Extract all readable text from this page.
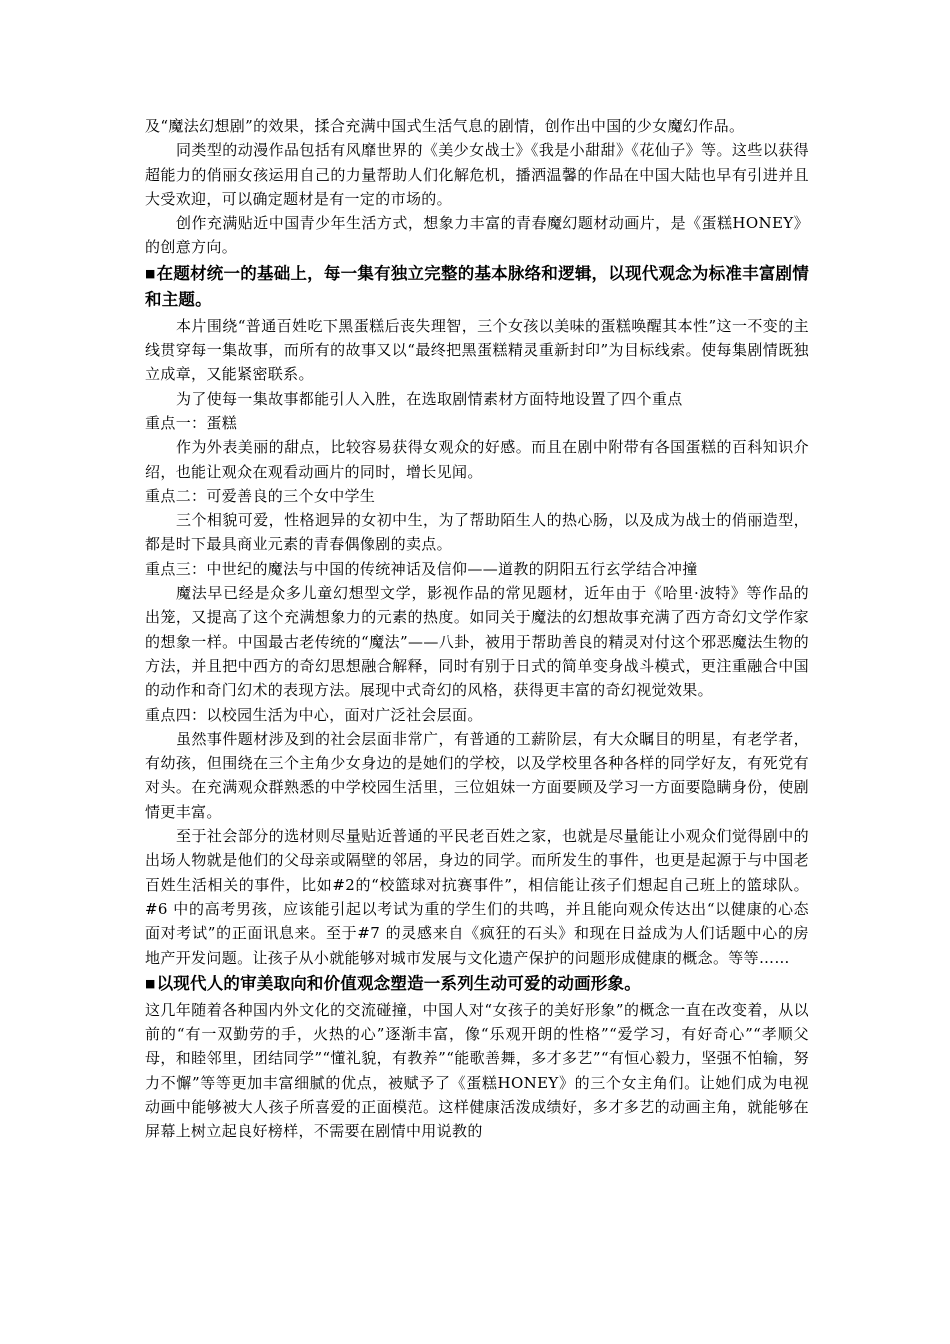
及“魔法幻想剧”的效果，揉合充满中国式生活气息的剧情，创作出中国的少女魔幻作品。

同类型的动漫作品包括有风靡世界的《美少女战士》《我是小甜甜》《花仙子》等。这些以获得超能力的俏丽女孩运用自己的力量帮助人们化解危机，播洒温馨的作品在中国大陆也早有引进并且大受欢迎，可以确定题材是有一定的市场的。

创作充满贴近中国青少年生活方式，想象力丰富的青春魔幻题材动画片，是《蛋糕HONEY》的创意方向。

■在题材统一的基础上，每一集有独立完整的基本脉络和逻辑，以现代观念为标准丰富剧情和主题。

本片围绕“普通百姓吃下黑蛋糕后丧失理智，三个女孩以美味的蛋糕唤醒其本性”这一不变的主线贯穿每一集故事，而所有的故事又以“最终把黑蛋糕精灵重新封印”为目标线索。使每集剧情既独立成章，又能紧密联系。

为了使每一集故事都能引人入胜，在选取剧情素材方面特地设置了四个重点

重点一：蛋糕

作为外表美丽的甜点，比较容易获得女观众的好感。而且在剧中附带有各国蛋糕的百科知识介绍，也能让观众在观看动画片的同时，增长见闻。

重点二：可爱善良的三个女中学生

三个相貌可爱，性格迥异的女初中生，为了帮助陌生人的热心肠，以及成为战士的俏丽造型，都是时下最具商业元素的青春偶像剧的卖点。

重点三：中世纪的魔法与中国的传统神话及信仰——道教的阴阳五行玄学结合冲撞

魔法早已经是众多儿童幻想型文学，影视作品的常见题材，近年由于《哈里·波特》等作品的出笼，又提高了这个充满想象力的元素的热度。如同关于魔法的幻想故事充满了西方奇幻文学作家的想象一样。中国最古老传统的“魔法”——八卦，被用于帮助善良的精灵对付这个邪恶魔法生物的方法，并且把中西方的奇幻思想融合解释，同时有别于日式的简单变身战斗模式，更注重融合中国的动作和奇门幻术的表现方法。展现中式奇幻的风格，获得更丰富的奇幻视觉效果。

重点四：以校园生活为中心，面对广泛社会层面。

虽然事件题材涉及到的社会层面非常广，有普通的工薪阶层，有大众瞩目的明星，有老学者，有幼孩，但围绕在三个主角少女身边的是她们的学校，以及学校里各种各样的同学好友，有死党有对头。在充满观众群熟悉的中学校园生活里，三位姐妹一方面要顾及学习一方面要隐瞒身份，使剧情更丰富。

至于社会部分的选材则尽量贴近普通的平民老百姓之家，也就是尽量能让小观众们觉得剧中的出场人物就是他们的父母亲或隔壁的邻居，身边的同学。而所发生的事件，也更是起源于与中国老百姓生活相关的事件，比如#2的“校篮球对抗赛事件”，相信能让孩子们想起自己班上的篮球队。#6 中的高考男孩，应该能引起以考试为重的学生们的共鸣，并且能向观众传达出“以健康的心态面对考试”的正面讯息来。至于#7 的灵感来自《疯狂的石头》和现在日益成为人们话题中心的房地产开发问题。让孩子从小就能够对城市发展与文化遗产保护的问题形成健康的概念。等等……

■以现代人的审美取向和价值观念塑造一系列生动可爱的动画形象。

这几年随着各种国内外文化的交流碰撞，中国人对“女孩子的美好形象”的概念一直在改变着，从以前的“有一双勤劳的手，火热的心”逐渐丰富，像“乐观开朗的性格”“爱学习，有好奇心”“孝顺父母，和睦邻里，团结同学”“懂礼貌，有教养”“能歌善舞，多才多艺”“有恒心毅力，坚强不怕输，努力不懈”等等更加丰富细腻的优点，被赋予了《蛋糕HONEY》的三个女主角们。让她们成为电视动画中能够被大人孩子所喜爱的正面模范。这样健康活泼成绩好，多才多艺的动画主角，就能够在屏幕上树立起良好榜样，不需要在剧情中用说教的
